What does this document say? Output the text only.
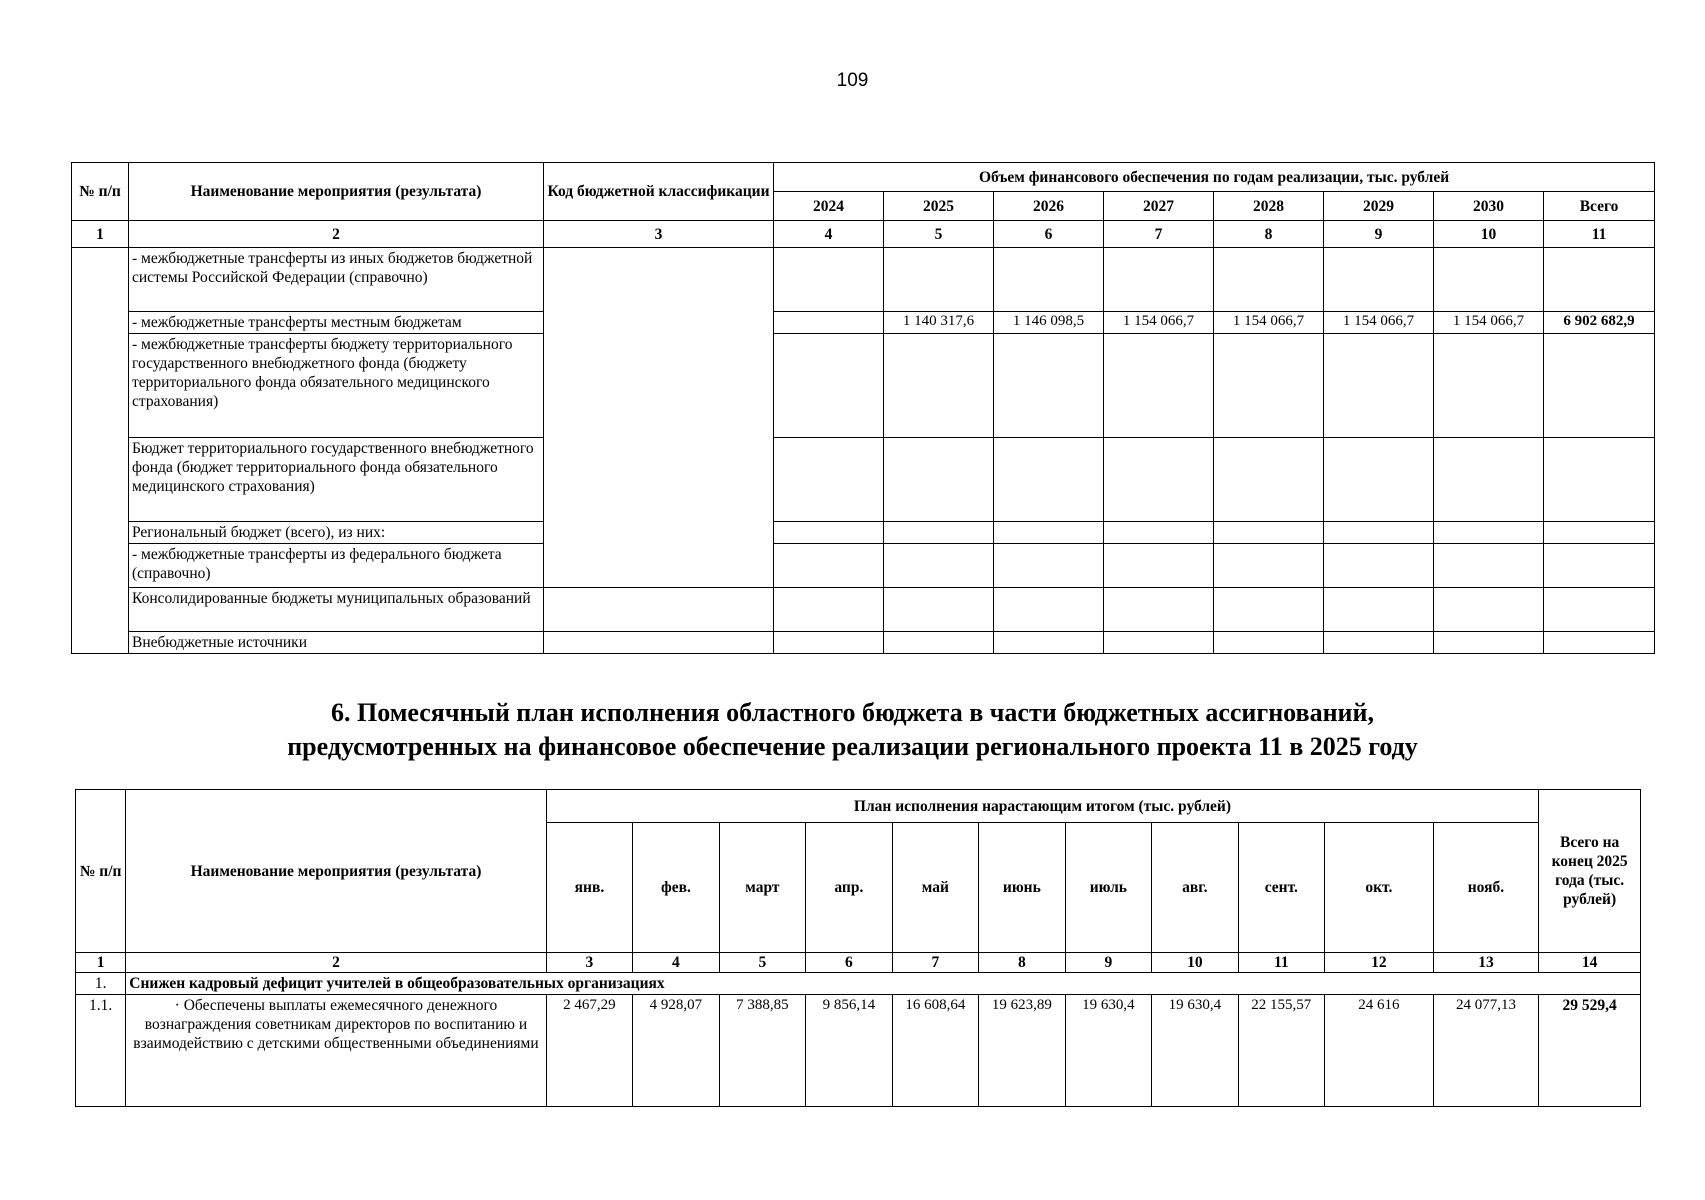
109
№ п/п	Наименование мероприятия (результата)	Код бюджетной классификации	Объем финансового обеспечения по годам реализации, тыс. рублей							
			2024	2025	2026	2027	2028	2029	2030	Всего
1	2	3	4	5	6	7	8	9	10	11
	- межбюджетные трансферты из иных бюджетов бюджетной системы Российской Федерации (справочно)									
	- межбюджетные трансферты местным бюджетам			1 140 317,6	1 146 098,5	1 154 066,7	1 154 066,7	1 154 066,7	1 154 066,7	6 902 682,9
	- межбюджетные трансферты бюджету территориального государственного внебюджетного фонда (бюджету территориального фонда обязательного медицинского страхования)									
	Бюджет территориального государственного внебюджетного фонда (бюджет территориального фонда обязательного медицинского страхования)									
	Региональный бюджет (всего), из них:									
	- межбюджетные трансферты из федерального бюджета (справочно)									
	Консолидированные бюджеты муниципальных образований									
	Внебюджетные источники									
6. Помесячный план исполнения областного бюджета в части бюджетных ассигнований,
предусмотренных на финансовое обеспечение реализации регионального проекта 11 в 2025 году
№ п/п	Наименование мероприятия (результата)	План исполнения нарастающим итогом (тыс. рублей)											Всего на конец 2025 года (тыс. рублей)
		янв.	фев.	март	апр.	май	июнь	июль	авг.	сент.	окт.	нояб.	
1	2	3	4	5	6	7	8	9	10	11	12	13	14
1.	Снижен кадровый дефицит учителей в общеобразовательных организациях												
1.1.	· Обеспечены выплаты ежемесячного денежного вознаграждения советникам директоров по воспитанию и взаимодействию с детскими общественными объединениями	2 467,29	4 928,07	7 388,85	9 856,14	16 608,64	19 623,89	19 630,4	19 630,4	22 155,57	24 616	24 077,13	29 529,4
